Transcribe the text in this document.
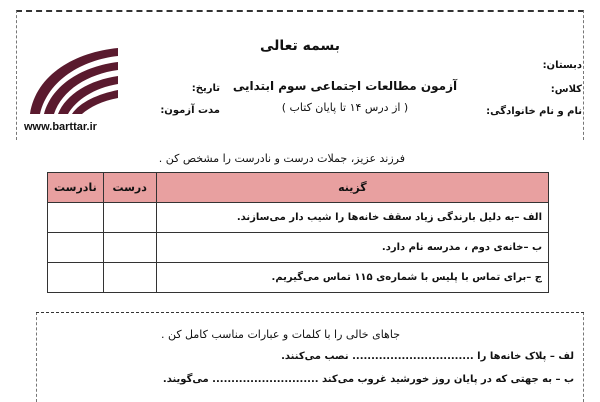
بسمه تعالی
دبستان:
کلاس:
نام و نام خانوادگی:
آزمون مطالعات اجتماعی سوم ابتدایی
( از درس ۱۴ تا پایان کتاب )
تاریخ:
مدت آزمون:
www.barttar.ir
فرزند عزیز، جملات درست و نادرست را مشخص کن .
گزینه	درست	نادرست
الف –به دلیل بارندگی زیاد سقف خانه‌ها را شیب دار می‌سازند.		
ب –خانه‌ی دوم ، مدرسه نام دارد.		
ج –برای تماس با پلیس با شماره‌ی ۱۱۵ تماس می‌گیریم.		
جاهای خالی را با کلمات و عبارات مناسب کامل کن .
لف – پلاک خانه‌ها را ................................ نصب می‌کنند.
ب – به جهتی که در پایان روز خورشید غروب می‌کند ............................ می‌گویند.
